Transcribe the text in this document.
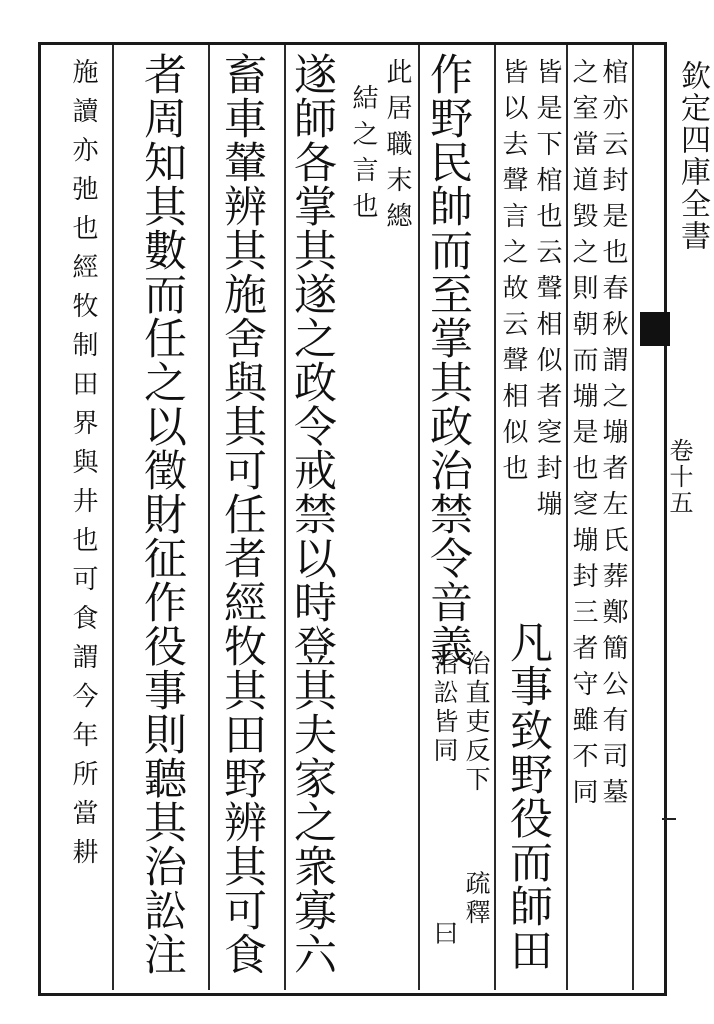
欽定四庫全書
卷十五
棺亦云封是也春秋謂之塴者左氏葬鄭簡公有司墓
之室當道毀之則朝而塴是也窆塴封三者守雖不同
皆是下棺也云聲相似者窆封塴
凡事致野役而師田
皆以去聲言之故云聲相似也
作野民帥而至掌其政治禁令音義
治直吏反下
疏釋
治訟皆同
曰
此居職末總
結之言也
遂師各掌其遂之政令戒禁以時登其夫家之衆寡六
畜車輦辨其施舍與其可任者經牧其田野辨其可食
者周知其數而任之以徵財征作役事則聽其治訟注
施讀亦弛也經牧制田界與井也可食謂今年所當耕
